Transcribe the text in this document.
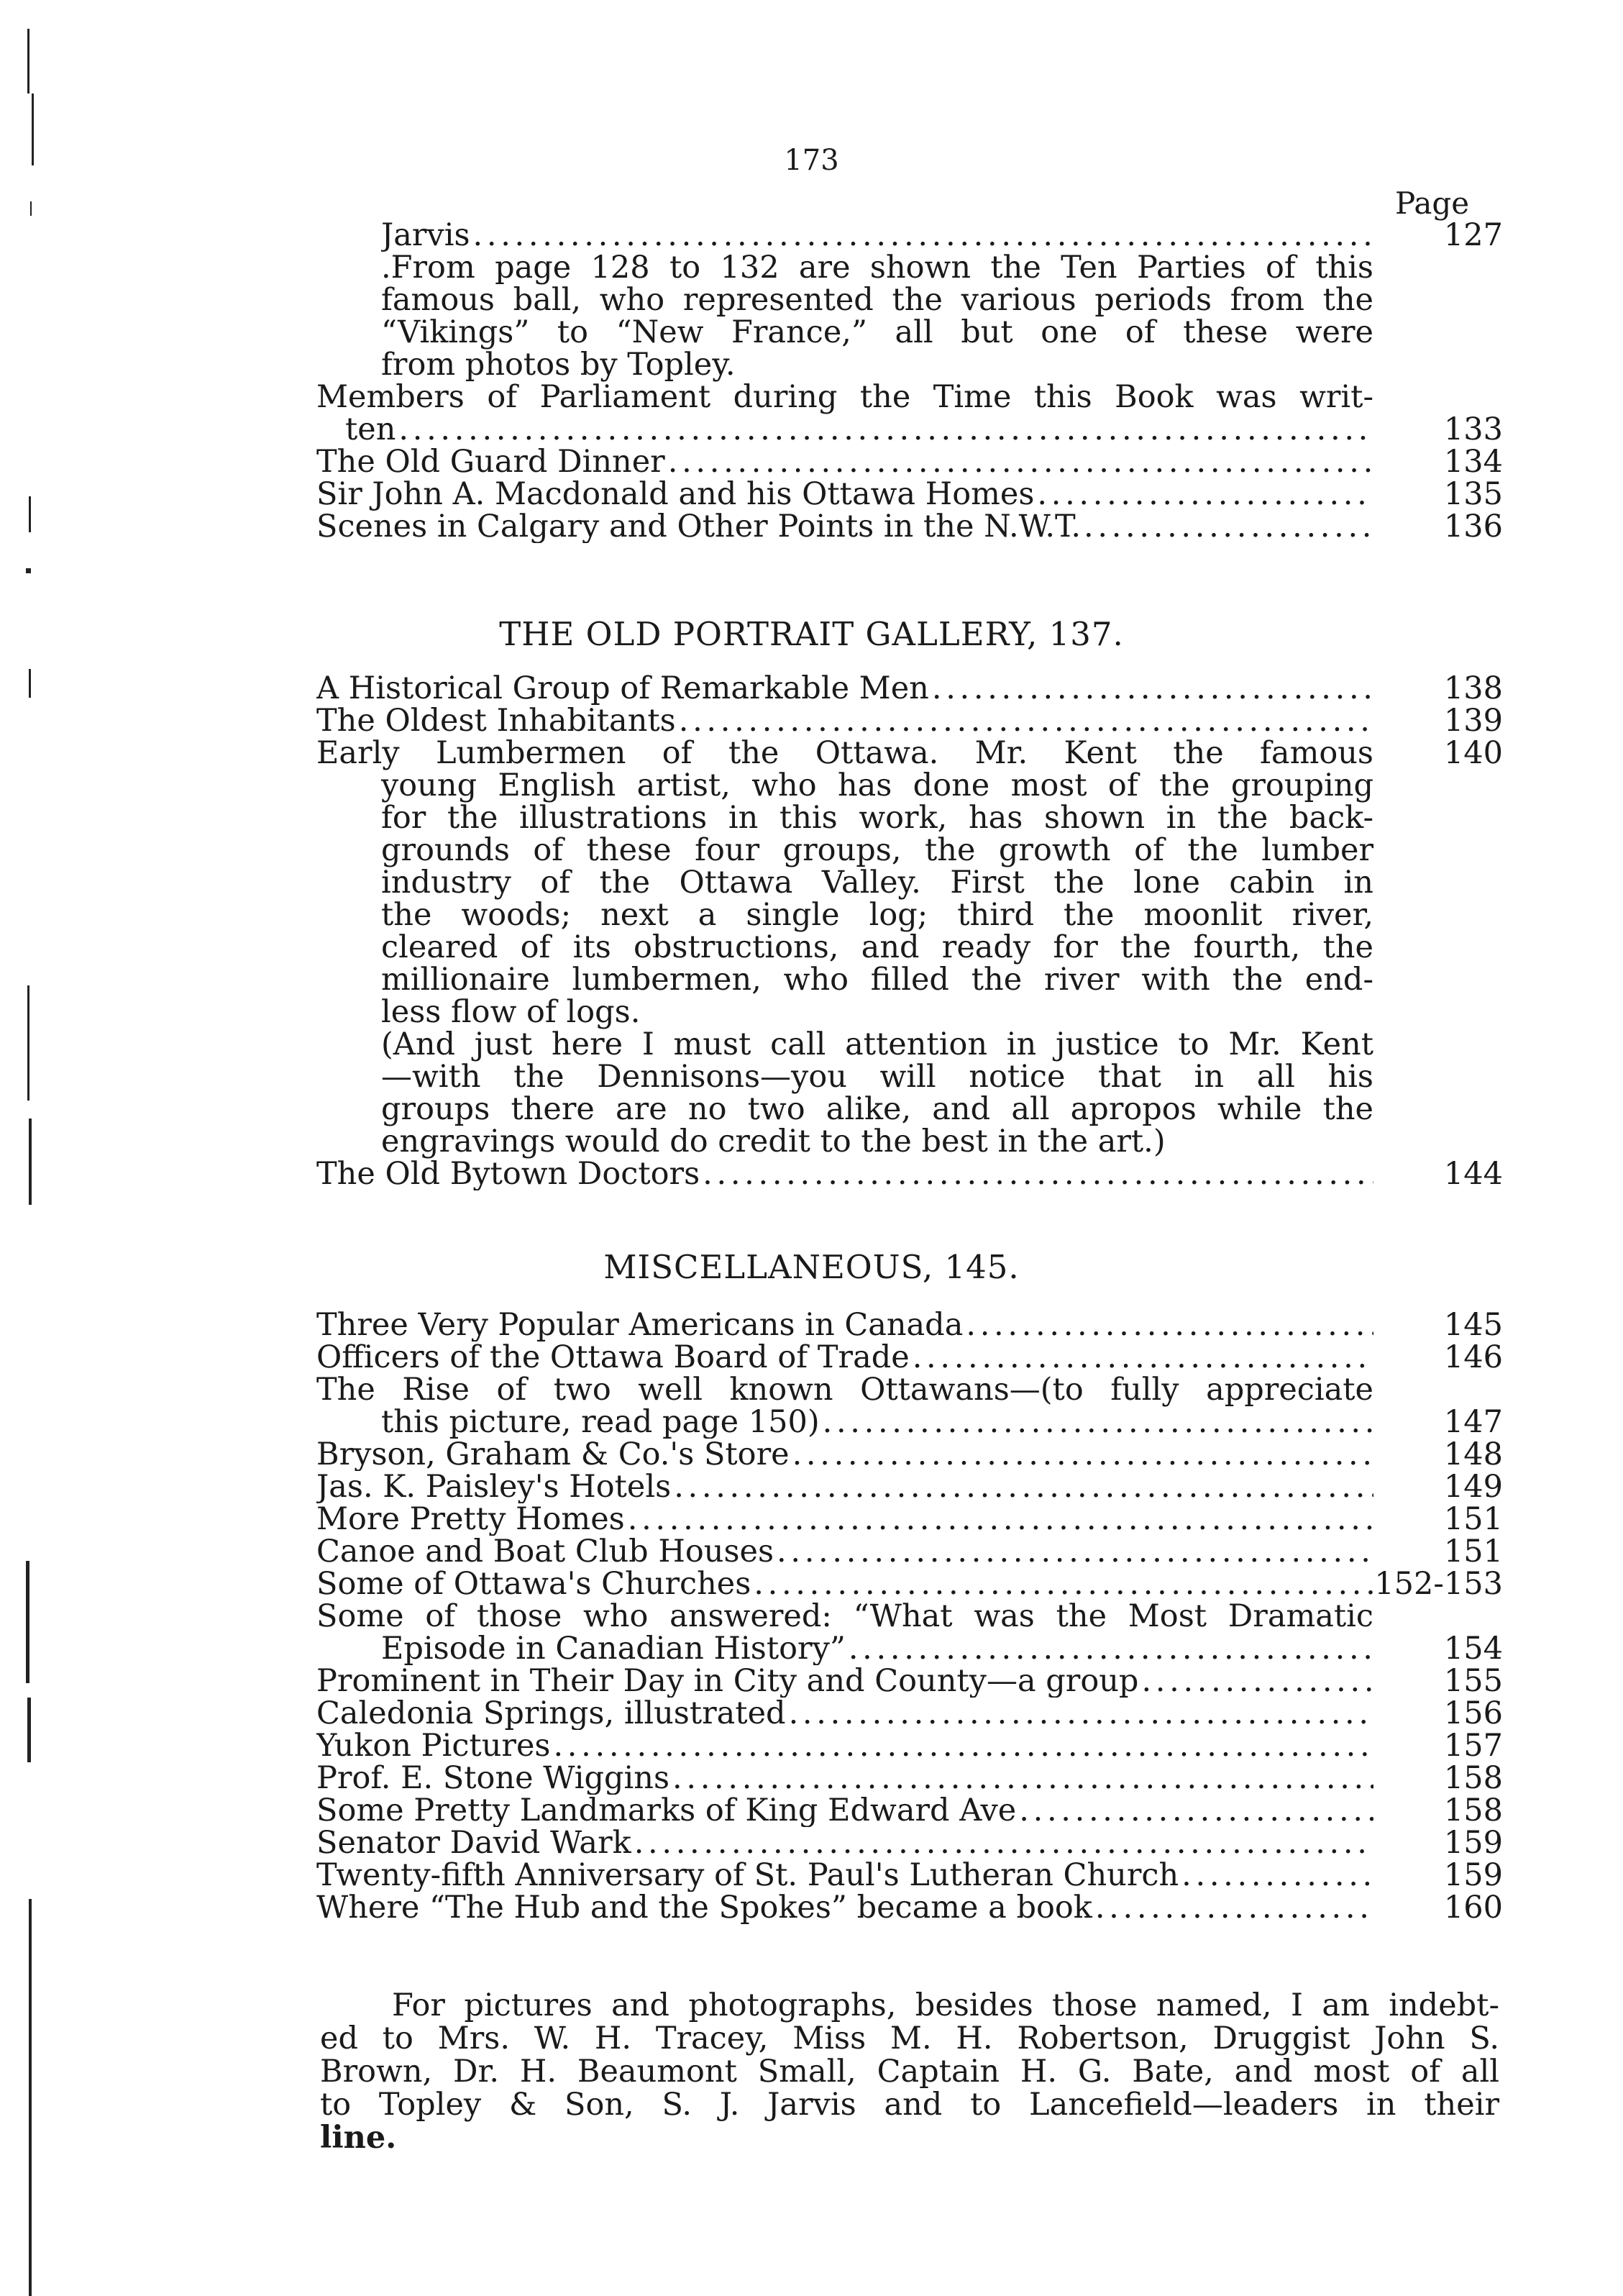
173
Page
Jarvis . . .	127
.From page 128 to 132 are shown the Ten Parties of this
famous ball, who represented the various periods from the
“Vikings” to “New France,” all but one of these were
from photos by Topley.
Members of Parliament during the Time this Book was writ-
ten . . .	133
The Old Guard Dinner . . .	134
Sir John A. Macdonald and his Ottawa Homes . . .	135
Scenes in Calgary and Other Points in the N.W.T. . . .	136
THE OLD PORTRAIT GALLERY, 137.
A Historical Group of Remarkable Men . . .	138
The Oldest Inhabitants . . .	139
Early Lumbermen of the Ottawa. Mr. Kent the famous	140
young English artist, who has done most of the grouping
for the illustrations in this work, has shown in the back-
grounds of these four groups, the growth of the lumber
industry of the Ottawa Valley. First the lone cabin in
the woods; next a single log; third the moonlit river,
cleared of its obstructions, and ready for the fourth, the
millionaire lumbermen, who filled the river with the end-
less flow of logs.
(And just here I must call attention in justice to Mr. Kent
—with the Dennisons—you will notice that in all his
groups there are no two alike, and all apropos while the
engravings would do credit to the best in the art.)
The Old Bytown Doctors . . .	144
MISCELLANEOUS, 145.
Three Very Popular Americans in Canada . . .	145
Officers of the Ottawa Board of Trade . . .	146
The Rise of two well known Ottawans—(to fully appreciate
this picture, read page 150) . . .	147
Bryson, Graham & Co.'s Store . . .	148
Jas. K. Paisley's Hotels . . .	149
More Pretty Homes . . .	151
Canoe and Boat Club Houses . . .	151
Some of Ottawa's Churches . . .	152-153
Some of those who answered: “What was the Most Dramatic
Episode in Canadian History” . . .	154
Prominent in Their Day in City and County—a group . . .	155
Caledonia Springs, illustrated . . .	156
Yukon Pictures . . .	157
Prof. E. Stone Wiggins . . .	158
Some Pretty Landmarks of King Edward Ave . . .	158
Senator David Wark . . .	159
Twenty-fifth Anniversary of St. Paul's Lutheran Church . . .	159
Where “The Hub and the Spokes” became a book . . .	160
For pictures and photographs, besides those named, I am indebt-
ed to Mrs. W. H. Tracey, Miss M. H. Robertson, Druggist John S.
Brown, Dr. H. Beaumont Small, Captain H. G. Bate, and most of all
to Topley & Son, S. J. Jarvis and to Lancefield—leaders in their
line.
